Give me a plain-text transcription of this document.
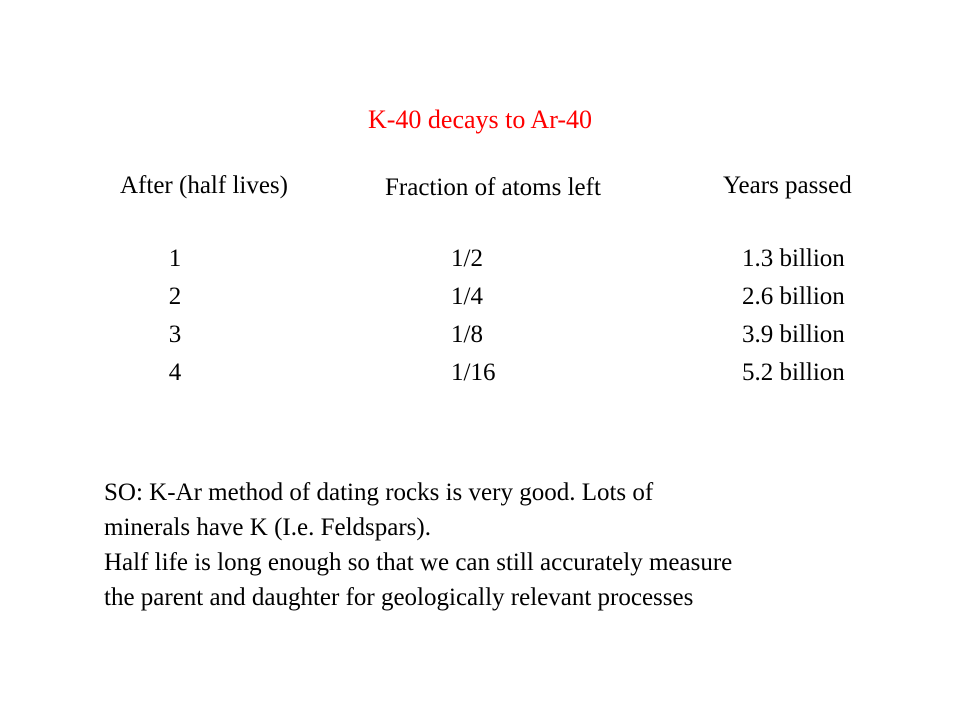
K-40 decays to Ar-40
After (half lives)	Fraction of atoms left	Years passed
1
2
3
4
1/2
1/4
1/8
1/16
1.3 billion
2.6 billion
3.9 billion
5.2 billion

SO: K-Ar method of dating rocks is very good. Lots of

minerals have K (I.e. Feldspars).

Half life is long enough so that we can still accurately measure

the parent and daughter for geologically relevant processes
